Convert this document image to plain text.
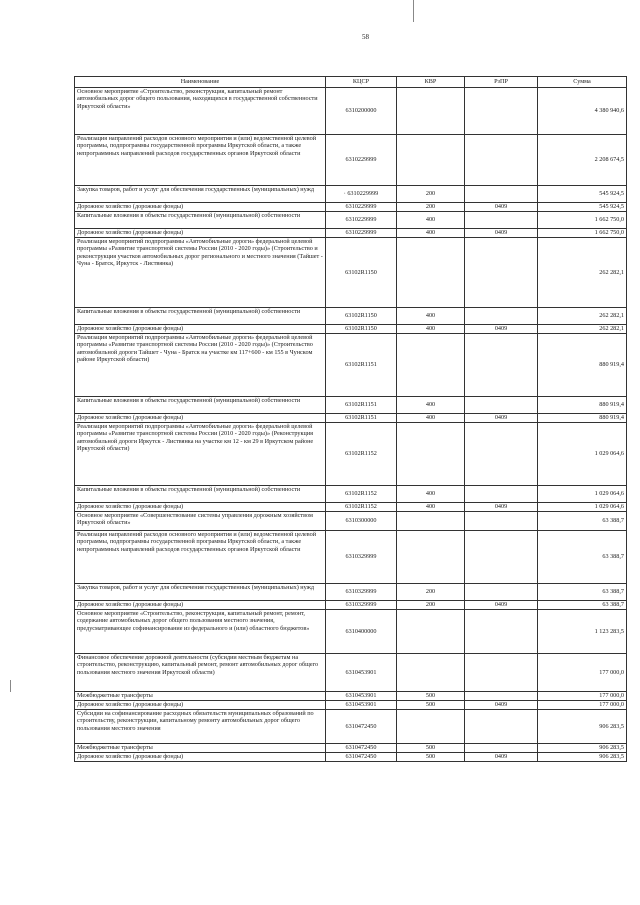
58
Наименование	КЦСР	КВР	РзПР	Сумма
Основное мероприятие «Строительство, реконструкция, капитальный ремонт автомобильных дорог общего пользования, находящихся в государственной собственности Иркутской области»	6310200000			4 380 940,6
Реализация направлений расходов основного мероприятия и (или) ведомственной целевой программы, подпрограммы государственной программы Иркутской области, а также непрограммных направлений расходов государственных органов Иркутской области	6310229999			2 208 674,5
Закупка товаров, работ и услуг для обеспечения государственных (муниципальных) нужд	· 6310229999	200		545 924,5
Дорожное хозяйство (дорожные фонды)	6310229999	200	0409	545 924,5
Капитальные вложения в объекты государственной (муниципальной) собственности	6310229999	400		1 662 750,0
Дорожное хозяйство (дорожные фонды)	6310229999	400	0409	1 662 750,0
Реализация мероприятий подпрограммы «Автомобильные дороги» федеральной целевой программы «Развитие транспортной системы России (2010 - 2020 годы)» (Строительство и реконструкция участков автомобильных дорог регионального и местного значения (Тайшет - Чуна - Братск, Иркутск - Листвянка)	63102R1150			262 282,1
Капитальные вложения в объекты государственной (муниципальной) собственности	63102R1150	400		262 282,1
Дорожное хозяйство (дорожные фонды)	63102R1150	400	0409	262 282,1
Реализация мероприятий подпрограммы «Автомобильные дороги» федеральной целевой программы «Развитие транспортной системы России (2010 - 2020 годы)» (Строительство автомобильной дороги Тайшет - Чуна - Братск на участке км 117+600 - км 155 в Чунском районе Иркутской области)	63102R1151			880 919,4
Капитальные вложения в объекты государственной (муниципальной) собственности	63102R1151	400		880 919,4
Дорожное хозяйство (дорожные фонды)	63102R1151	400	0409	880 919,4
Реализация мероприятий подпрограммы «Автомобильные дороги» федеральной целевой программы «Развитие транспортной системы России (2010 - 2020 годы)» (Реконструкция автомобильной дороги Иркутск - Листвянка на участке км 12 - км 29 в Иркутском районе Иркутской области)	63102R1152			1 029 064,6
Капитальные вложения в объекты государственной (муниципальной) собственности	63102R1152	400		1 029 064,6
Дорожное хозяйство (дорожные фонды)	63102R1152	400	0409	1 029 064,6
Основное мероприятие «Совершенствование системы управления дорожным хозяйством Иркутской области»	6310300000			63 388,7
Реализация направлений расходов основного мероприятия и (или) ведомственной целевой программы, подпрограммы государственной программы Иркутской области, а также непрограммных направлений расходов государственных органов Иркутской области	6310329999			63 388,7
Закупка товаров, работ и услуг для обеспечения государственных (муниципальных) нужд	6310329999	200		63 388,7
Дорожное хозяйство (дорожные фонды)	6310329999	200	0409	63 388,7
Основное мероприятие «Строительство, реконструкция, капитальный ремонт, ремонт, содержание автомобильных дорог общего пользования местного значения, предусматривающее софинансирование из федерального и (или) областного бюджетов»	6310400000			1 123 283,5
Финансовое обеспечение дорожной деятельности (субсидии местным бюджетам на строительство, реконструкцию, капитальный ремонт, ремонт автомобильных дорог общего пользования местного значения Иркутской области)	6310453901			177 000,0
Межбюджетные трансферты	6310453901	500		177 000,0
Дорожное хозяйство (дорожные фонды)	6310453901	500	0409	177 000,0
Субсидии на софинансирование расходных обязательств муниципальных образований по строительству, реконструкции, капитальному ремонту автомобильных дорог общего пользования местного значения	6310472450			906 283,5
Межбюджетные трансферты	6310472450	500		906 283,5
Дорожное хозяйство (дорожные фонды)	6310472450	500	0409	906 283,5
